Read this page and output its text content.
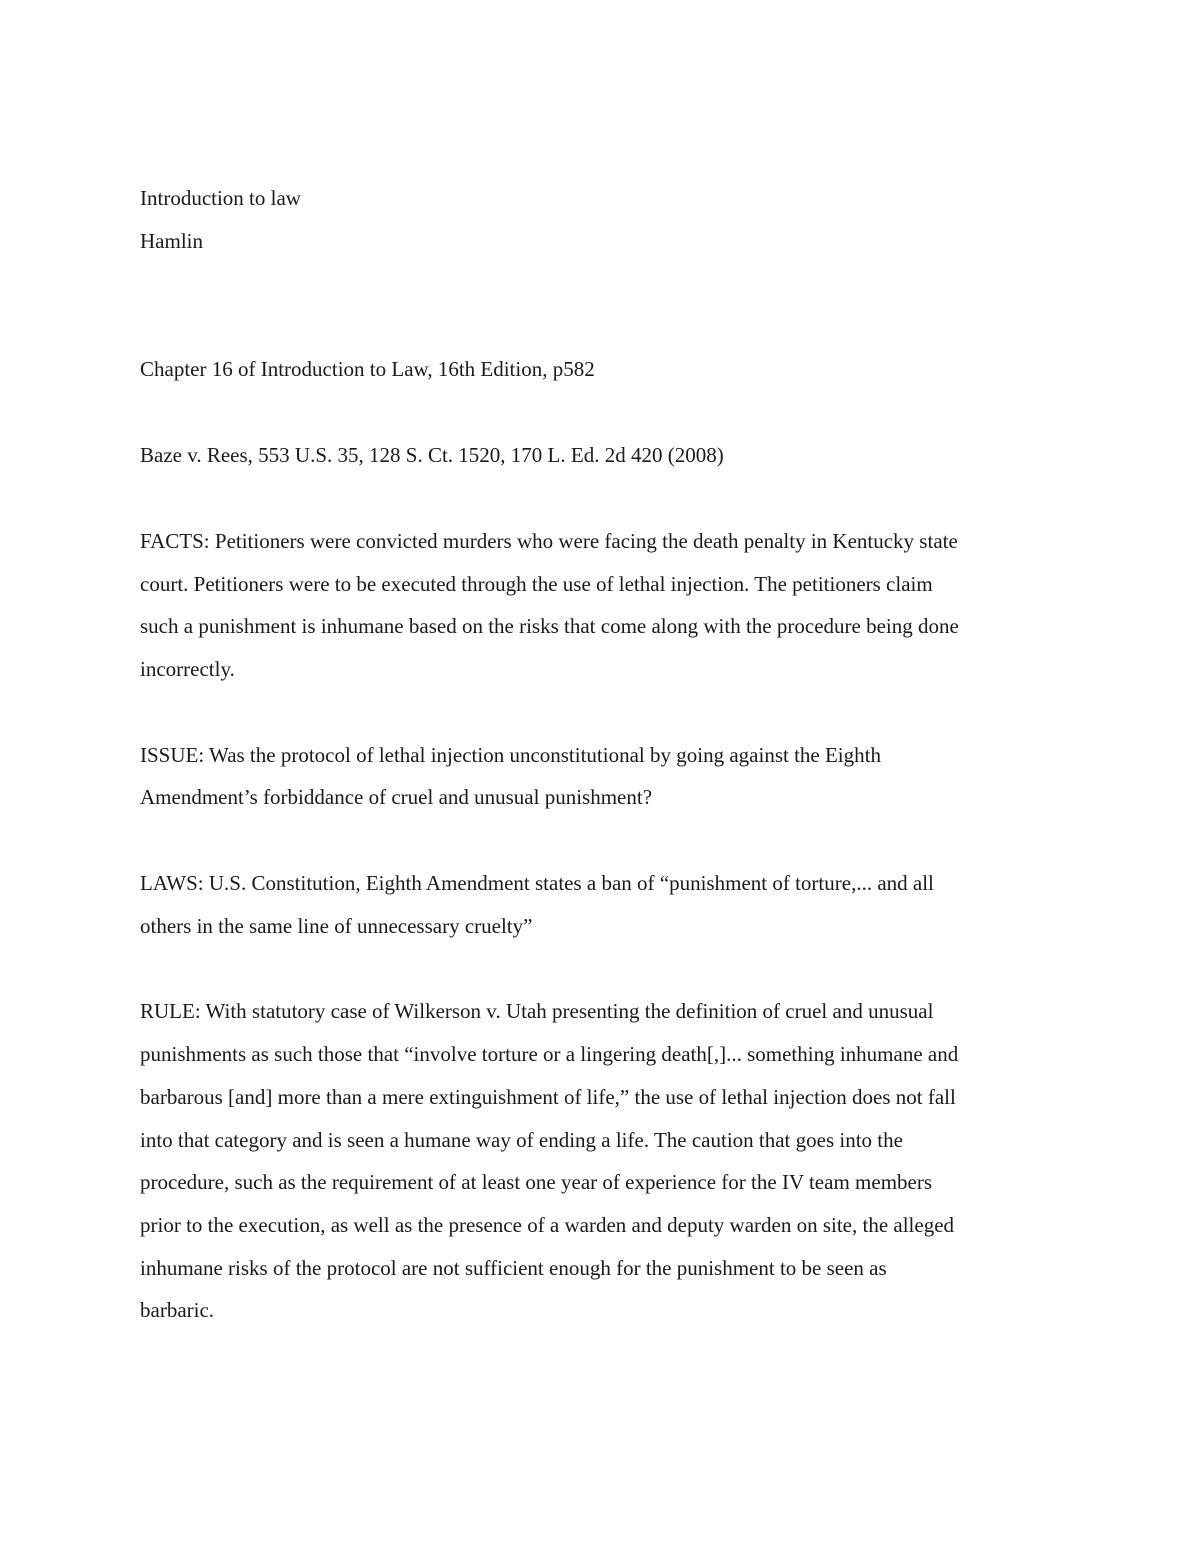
Introduction to law

Hamlin

Chapter 16 of Introduction to Law, 16th Edition, p582

Baze v. Rees, 553 U.S. 35, 128 S. Ct. 1520, 170 L. Ed. 2d 420 (2008)

FACTS: Petitioners were convicted murders who were facing the death penalty in Kentucky state

court. Petitioners were to be executed through the use of lethal injection. The petitioners claim

such a punishment is inhumane based on the risks that come along with the procedure being done

incorrectly.

ISSUE: Was the protocol of lethal injection unconstitutional by going against the Eighth

Amendment’s forbiddance of cruel and unusual punishment?

LAWS: U.S. Constitution, Eighth Amendment states a ban of “punishment of torture,... and all

others in the same line of unnecessary cruelty”

RULE: With statutory case of Wilkerson v. Utah presenting the definition of cruel and unusual

punishments as such those that “involve torture or a lingering death[,]... something inhumane and

barbarous [and] more than a mere extinguishment of life,” the use of lethal injection does not fall

into that category and is seen a humane way of ending a life. The caution that goes into the

procedure, such as the requirement of at least one year of experience for the IV team members

prior to the execution, as well as the presence of a warden and deputy warden on site, the alleged

inhumane risks of the protocol are not sufficient enough for the punishment to be seen as

barbaric.
